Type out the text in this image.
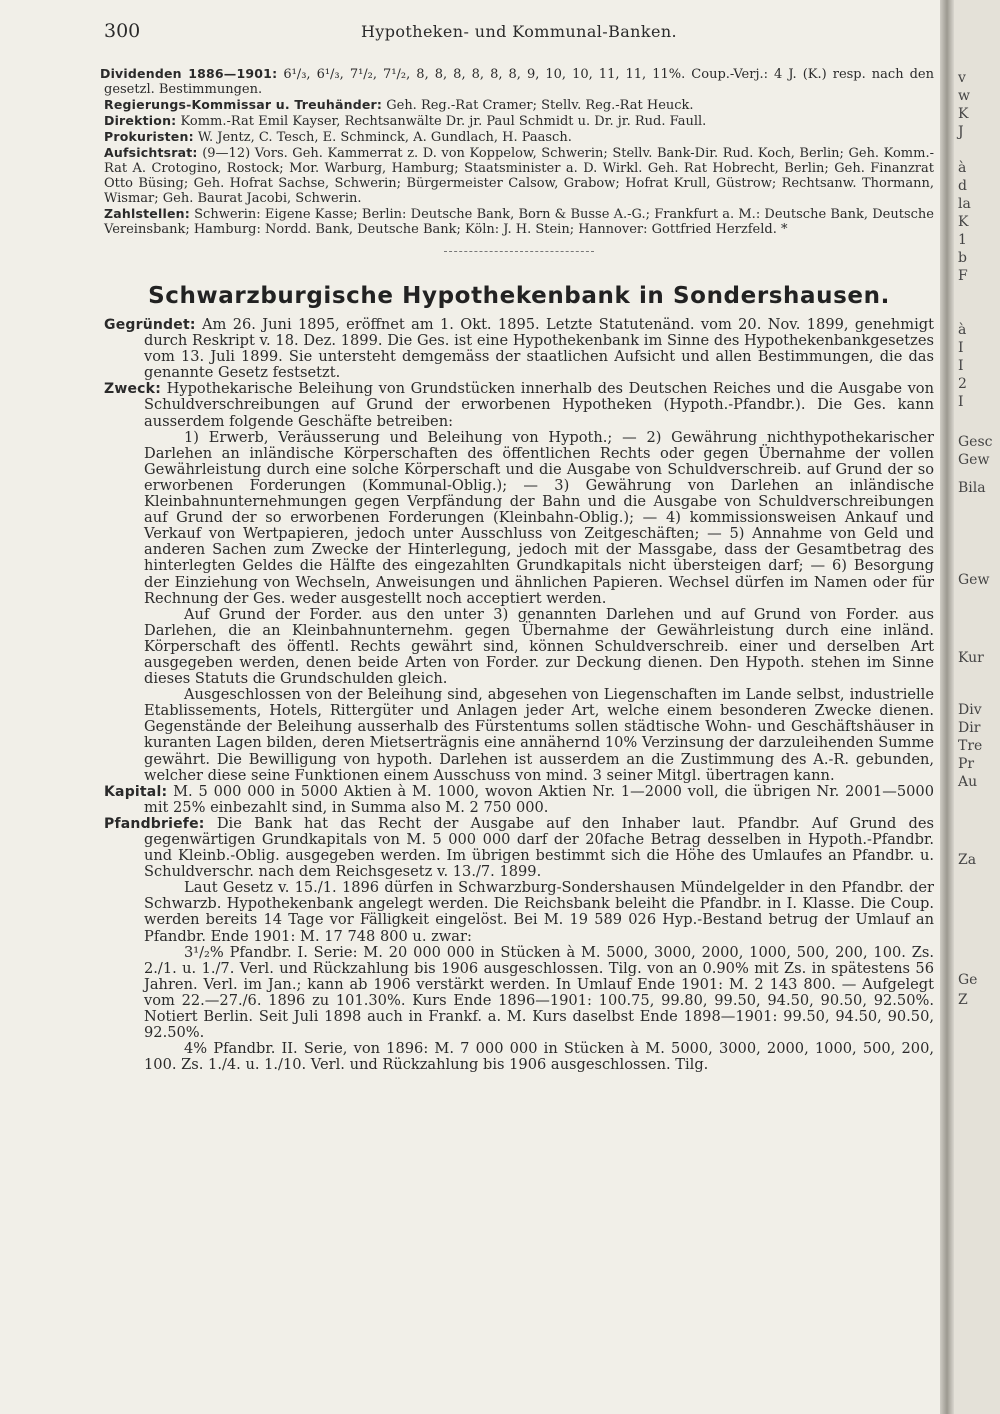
300	Hypotheken- und Kommunal-Banken.

Dividenden 1886—1901: 6¹/₃, 6¹/₃, 7¹/₂, 7¹/₂, 8, 8, 8, 8, 8, 8, 9, 10, 10, 11, 11, 11%. Coup.-Verj.: 4 J. (K.) resp. nach den gesetzl. Bestimmungen.

Regierungs-Kommissar u. Treuhänder: Geh. Reg.-Rat Cramer; Stellv. Reg.-Rat Heuck.

Direktion: Komm.-Rat Emil Kayser, Rechtsanwälte Dr. jr. Paul Schmidt u. Dr. jr. Rud. Faull.

Prokuristen: W. Jentz, C. Tesch, E. Schminck, A. Gundlach, H. Paasch.

Aufsichtsrat: (9—12) Vors. Geh. Kammerrat z. D. von Koppelow, Schwerin; Stellv. Bank-Dir. Rud. Koch, Berlin; Geh. Komm.-Rat A. Crotogino, Rostock; Mor. Warburg, Hamburg; Staatsminister a. D. Wirkl. Geh. Rat Hobrecht, Berlin; Geh. Finanzrat Otto Büsing; Geh. Hofrat Sachse, Schwerin; Bürgermeister Calsow, Grabow; Hofrat Krull, Güstrow; Rechtsanw. Thormann, Wismar; Geh. Baurat Jacobi, Schwerin.

Zahlstellen: Schwerin: Eigene Kasse; Berlin: Deutsche Bank, Born & Busse A.-G.; Frankfurt a. M.: Deutsche Bank, Deutsche Vereinsbank; Hamburg: Nordd. Bank, Deutsche Bank; Köln: J. H. Stein; Hannover: Gottfried Herzfeld. *

Schwarzburgische Hypothekenbank in Sondershausen.

Gegründet: Am 26. Juni 1895, eröffnet am 1. Okt. 1895. Letzte Statutenänd. vom 20. Nov. 1899, genehmigt durch Reskript v. 18. Dez. 1899. Die Ges. ist eine Hypothekenbank im Sinne des Hypothekenbankgesetzes vom 13. Juli 1899. Sie untersteht demgemäss der staatlichen Aufsicht und allen Bestimmungen, die das genannte Gesetz festsetzt.

Zweck: Hypothekarische Beleihung von Grundstücken innerhalb des Deutschen Reiches und die Ausgabe von Schuldverschreibungen auf Grund der erworbenen Hypotheken (Hypoth.-Pfandbr.). Die Ges. kann ausserdem folgende Geschäfte betreiben:

1) Erwerb, Veräusserung und Beleihung von Hypoth.; — 2) Gewährung nichthypothekarischer Darlehen an inländische Körperschaften des öffentlichen Rechts oder gegen Übernahme der vollen Gewährleistung durch eine solche Körperschaft und die Ausgabe von Schuldverschreib. auf Grund der so erworbenen Forderungen (Kommunal-Oblig.); — 3) Gewährung von Darlehen an inländische Kleinbahnunternehmungen gegen Verpfändung der Bahn und die Ausgabe von Schuldverschreibungen auf Grund der so erworbenen Forderungen (Kleinbahn-Oblig.); — 4) kommissionsweisen Ankauf und Verkauf von Wertpapieren, jedoch unter Ausschluss von Zeitgeschäften; — 5) Annahme von Geld und anderen Sachen zum Zwecke der Hinterlegung, jedoch mit der Massgabe, dass der Gesamtbetrag des hinterlegten Geldes die Hälfte des eingezahlten Grundkapitals nicht übersteigen darf; — 6) Besorgung der Einziehung von Wechseln, Anweisungen und ähnlichen Papieren. Wechsel dürfen im Namen oder für Rechnung der Ges. weder ausgestellt noch acceptiert werden.

Auf Grund der Forder. aus den unter 3) genannten Darlehen und auf Grund von Forder. aus Darlehen, die an Kleinbahnunternehm. gegen Übernahme der Gewährleistung durch eine inländ. Körperschaft des öffentl. Rechts gewährt sind, können Schuldverschreib. einer und derselben Art ausgegeben werden, denen beide Arten von Forder. zur Deckung dienen. Den Hypoth. stehen im Sinne dieses Statuts die Grundschulden gleich.

Ausgeschlossen von der Beleihung sind, abgesehen von Liegenschaften im Lande selbst, industrielle Etablissements, Hotels, Rittergüter und Anlagen jeder Art, welche einem besonderen Zwecke dienen. Gegenstände der Beleihung ausserhalb des Fürstentums sollen städtische Wohn- und Geschäftshäuser in kuranten Lagen bilden, deren Mietserträgnis eine annähernd 10% Verzinsung der darzuleihenden Summe gewährt. Die Bewilligung von hypoth. Darlehen ist ausserdem an die Zustimmung des A.-R. gebunden, welcher diese seine Funktionen einem Ausschuss von mind. 3 seiner Mitgl. übertragen kann.

Kapital: M. 5 000 000 in 5000 Aktien à M. 1000, wovon Aktien Nr. 1—2000 voll, die übrigen Nr. 2001—5000 mit 25% einbezahlt sind, in Summa also M. 2 750 000.

Pfandbriefe: Die Bank hat das Recht der Ausgabe auf den Inhaber laut. Pfandbr. Auf Grund des gegenwärtigen Grundkapitals von M. 5 000 000 darf der 20fache Betrag desselben in Hypoth.-Pfandbr. und Kleinb.-Oblig. ausgegeben werden. Im übrigen bestimmt sich die Höhe des Umlaufes an Pfandbr. u. Schuldverschr. nach dem Reichsgesetz v. 13./7. 1899.

Laut Gesetz v. 15./1. 1896 dürfen in Schwarzburg-Sondershausen Mündelgelder in den Pfandbr. der Schwarzb. Hypothekenbank angelegt werden. Die Reichsbank beleiht die Pfandbr. in I. Klasse. Die Coup. werden bereits 14 Tage vor Fälligkeit eingelöst. Bei M. 19 589 026 Hyp.-Bestand betrug der Umlauf an Pfandbr. Ende 1901: M. 17 748 800 u. zwar:

3¹/₂% Pfandbr. I. Serie: M. 20 000 000 in Stücken à M. 5000, 3000, 2000, 1000, 500, 200, 100. Zs. 2./1. u. 1./7. Verl. und Rückzahlung bis 1906 ausgeschlossen. Tilg. von an 0.90% mit Zs. in spätestens 56 Jahren. Verl. im Jan.; kann ab 1906 verstärkt werden. In Umlauf Ende 1901: M. 2 143 800. — Aufgelegt vom 22.—27./6. 1896 zu 101.30%. Kurs Ende 1896—1901: 100.75, 99.80, 99.50, 94.50, 90.50, 92.50%. Notiert Berlin. Seit Juli 1898 auch in Frankf. a. M. Kurs daselbst Ende 1898—1901: 99.50, 94.50, 90.50, 92.50%.

4% Pfandbr. II. Serie, von 1896: M. 7 000 000 in Stücken à M. 5000, 3000, 2000, 1000, 500, 200, 100. Zs. 1./4. u. 1./10. Verl. und Rückzahlung bis 1906 ausgeschlossen. Tilg.

v
w
K
J
à
d
la
K
1
b
F
à
I
I
2
I
Gesc
Gew
Bila
Gew
Kur
Div
Dir
Tre
Pr
Au
Za
Ge
Z
